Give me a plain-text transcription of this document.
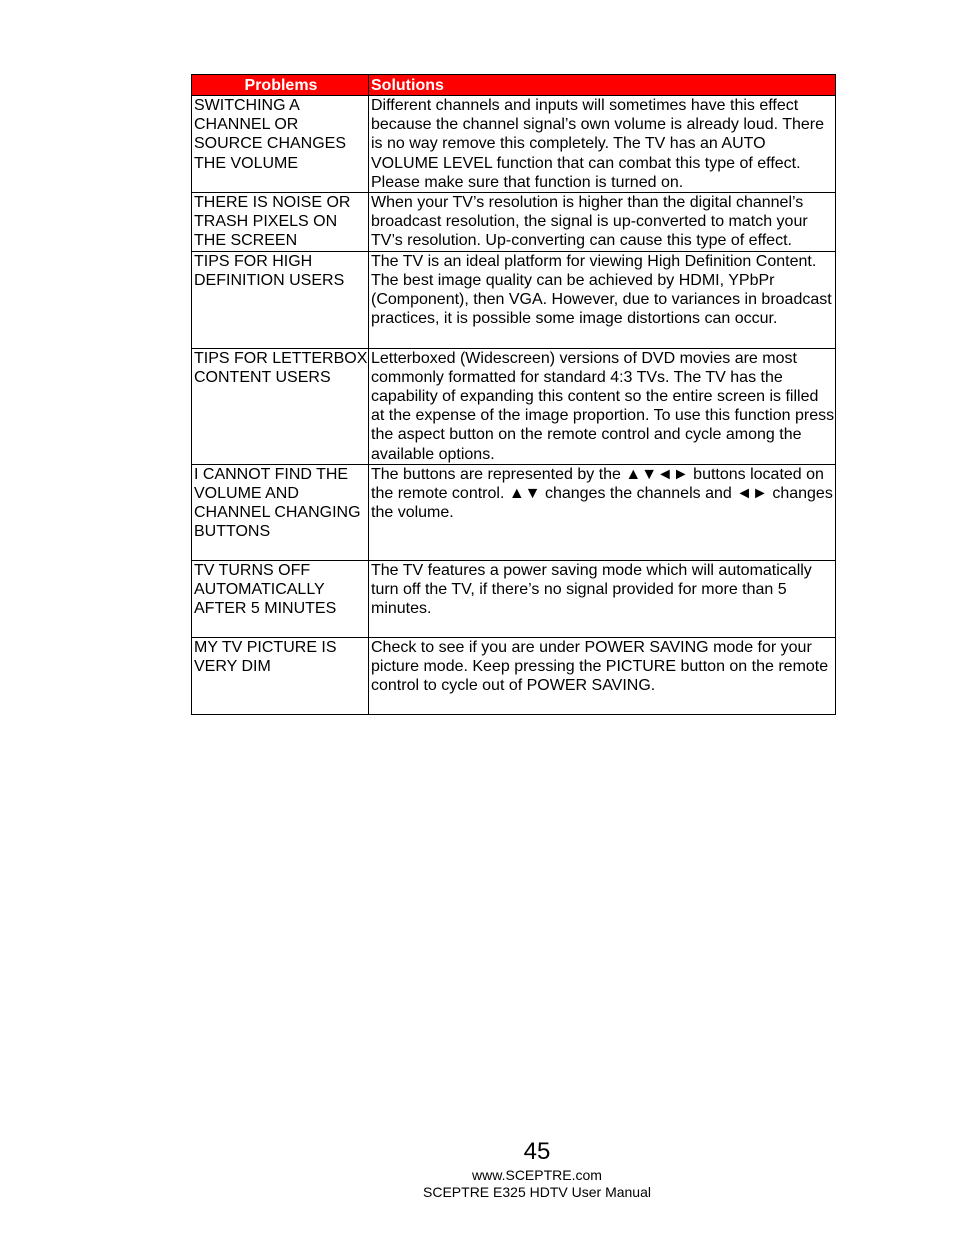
Problems	Solutions
SWITCHING A CHANNEL OR SOURCE CHANGES THE VOLUME	Different channels and inputs will sometimes have this effect because the channel signal’s own volume is already loud. There is no way remove this completely. The TV has an AUTO VOLUME LEVEL function that can combat this type of effect. Please make sure that function is turned on.
THERE IS NOISE OR TRASH PIXELS ON THE SCREEN	When your TV’s resolution is higher than the digital channel’s broadcast resolution, the signal is up-converted to match your TV’s resolution. Up-converting can cause this type of effect.
TIPS FOR HIGH DEFINITION USERS	The TV is an ideal platform for viewing High Definition Content. The best image quality can be achieved by HDMI, YPbPr (Component), then VGA. However, due to variances in broadcast practices, it is possible some image distortions can occur.
TIPS FOR LETTERBOX CONTENT USERS	Letterboxed (Widescreen) versions of DVD movies are most commonly formatted for standard 4:3 TVs. The TV has the capability of expanding this content so the entire screen is filled at the expense of the image proportion. To use this function press the aspect button on the remote control and cycle among the available options.
I CANNOT FIND THE VOLUME AND CHANNEL CHANGING BUTTONS	The buttons are represented by the ▲▼◄► buttons located on the remote control. ▲▼ changes the channels and ◄► changes the volume.
TV TURNS OFF AUTOMATICALLY AFTER 5 MINUTES	The TV features a power saving mode which will automatically turn off the TV, if there’s no signal provided for more than 5 minutes.
MY TV PICTURE IS VERY DIM	Check to see if you are under POWER SAVING mode for your picture mode. Keep pressing the PICTURE button on the remote control to cycle out of POWER SAVING.
45
www.SCEPTRE.com
SCEPTRE E325 HDTV User Manual
